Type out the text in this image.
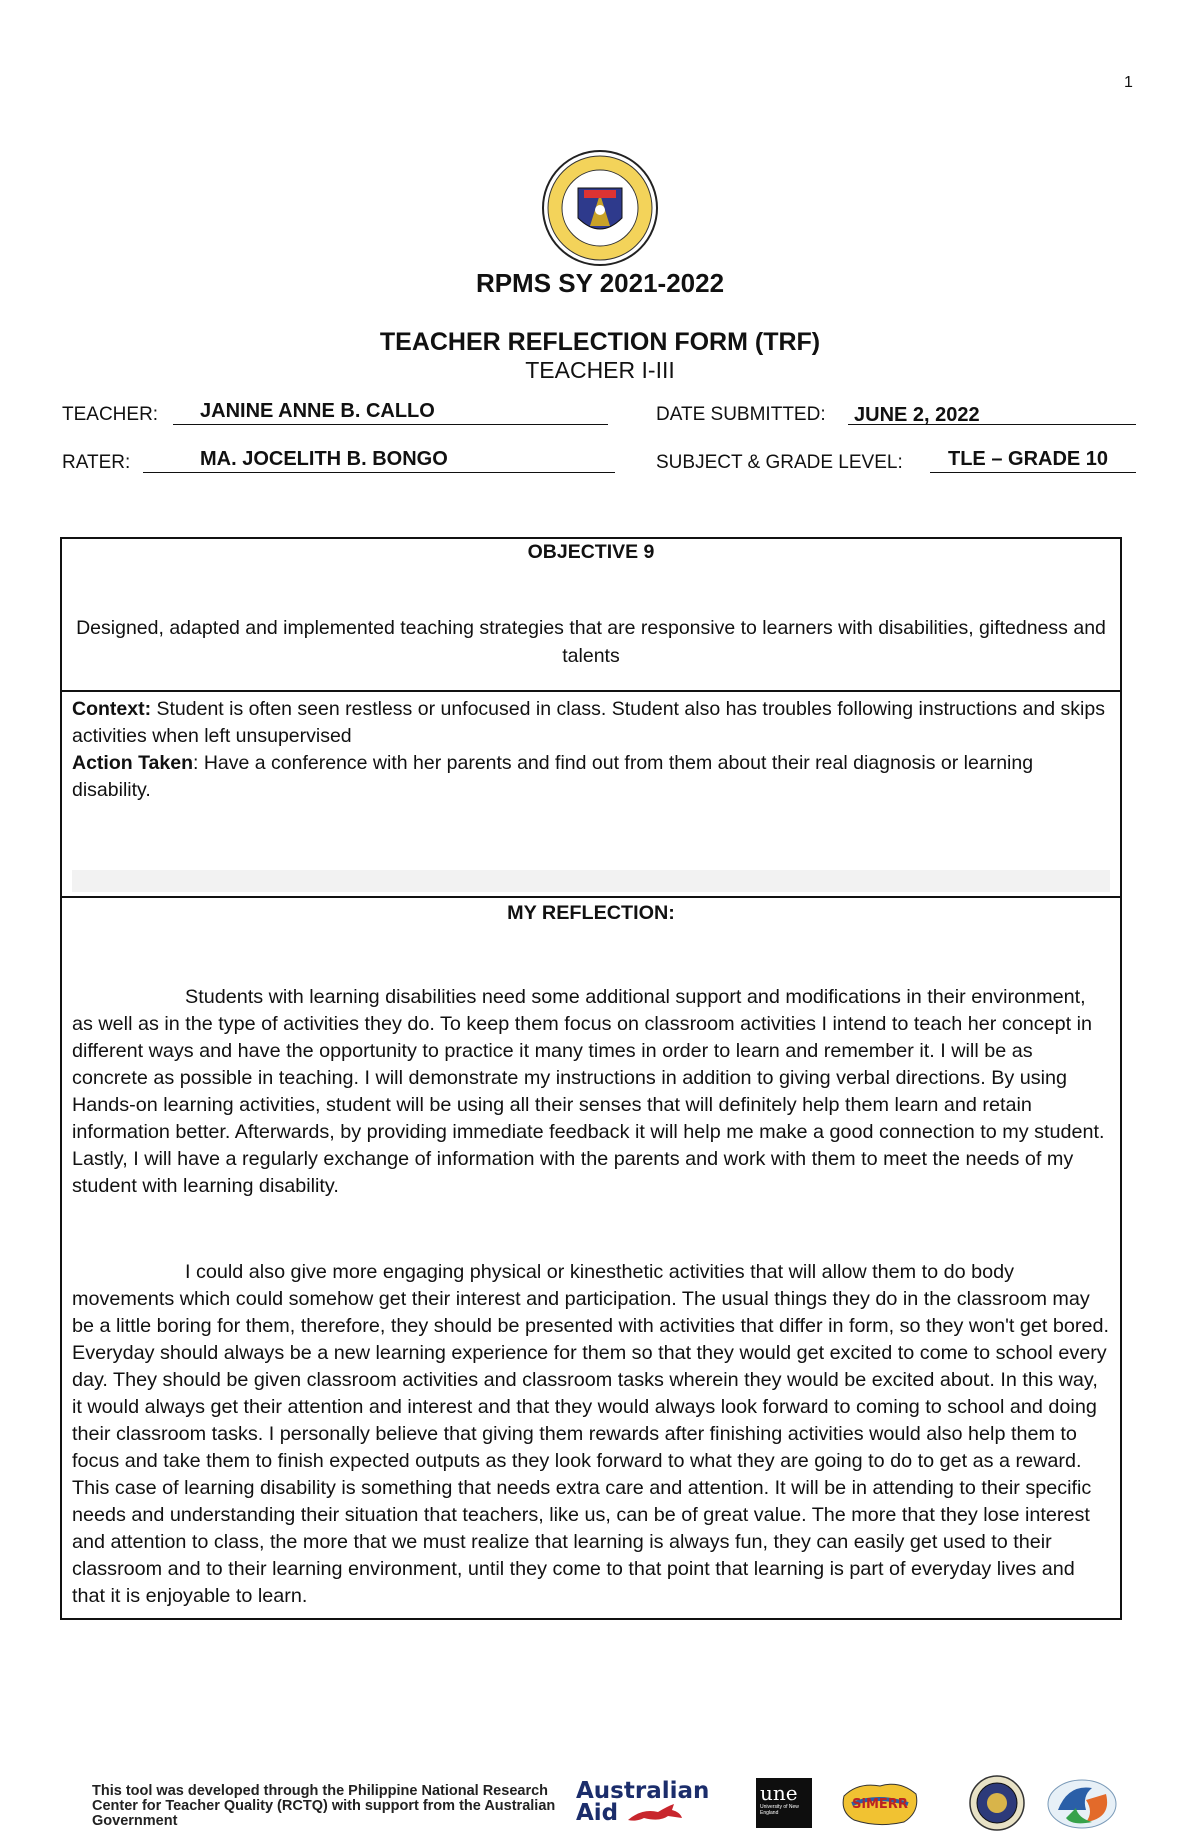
1
RPMS SY 2021-2022
TEACHER REFLECTION FORM (TRF)
TEACHER I-III
TEACHER: JANINE ANNE B. CALLO	DATE SUBMITTED: JUNE 2, 2022
RATER:	MA. JOCELITH B. BONGO	SUBJECT & GRADE LEVEL: TLE – GRADE 10
OBJECTIVE 9
Designed, adapted and implemented teaching strategies that are responsive to learners with disabilities, giftedness and talents

Context: Student is often seen restless or unfocused in class. Student also has troubles following instructions and skips activities when left unsupervised

Action Taken: Have a conference with her parents and find out from them about their real diagnosis or learning disability.

MY REFLECTION:

Students with learning disabilities need some additional support and modifications in their environment, as well as in the type of activities they do. To keep them focus on classroom activities I intend to teach her concept in different ways and have the opportunity to practice it many times in order to learn and remember it. I will be as concrete as possible in teaching. I will demonstrate my instructions in addition to giving verbal directions. By using Hands-on learning activities, student will be using all their senses that will definitely help them learn and retain information better. Afterwards, by providing immediate feedback it will help me make a good connection to my student. Lastly, I will have a regularly exchange of information with the parents and work with them to meet the needs of my student with learning disability.

I could also give more engaging physical or kinesthetic activities that will allow them to do body movements which could somehow get their interest and participation. The usual things they do in the classroom may be a little boring for them, therefore, they should be presented with activities that differ in form, so they won't get bored. Everyday should always be a new learning experience for them so that they would get excited to come to school every day. They should be given classroom activities and classroom tasks wherein they would be excited about. In this way, it would always get their attention and interest and that they would always look forward to coming to school and doing their classroom tasks. I personally believe that giving them rewards after finishing activities would also help them to focus and take them to finish expected outputs as they look forward to what they are going to do to get as a reward. This case of learning disability is something that needs extra care and attention. It will be in attending to their specific needs and understanding their situation that teachers, like us, can be of great value. The more that they lose interest and attention to class, the more that we must realize that learning is always fun, they can easily get used to their classroom and to their learning environment, until they come to that point that learning is part of everyday lives and that it is enjoyable to learn.

This tool was developed through the Philippine National Research Center for Teacher Quality (RCTQ) with support from the Australian Government
Australian
Aid
une
University of New England
SiMERR
